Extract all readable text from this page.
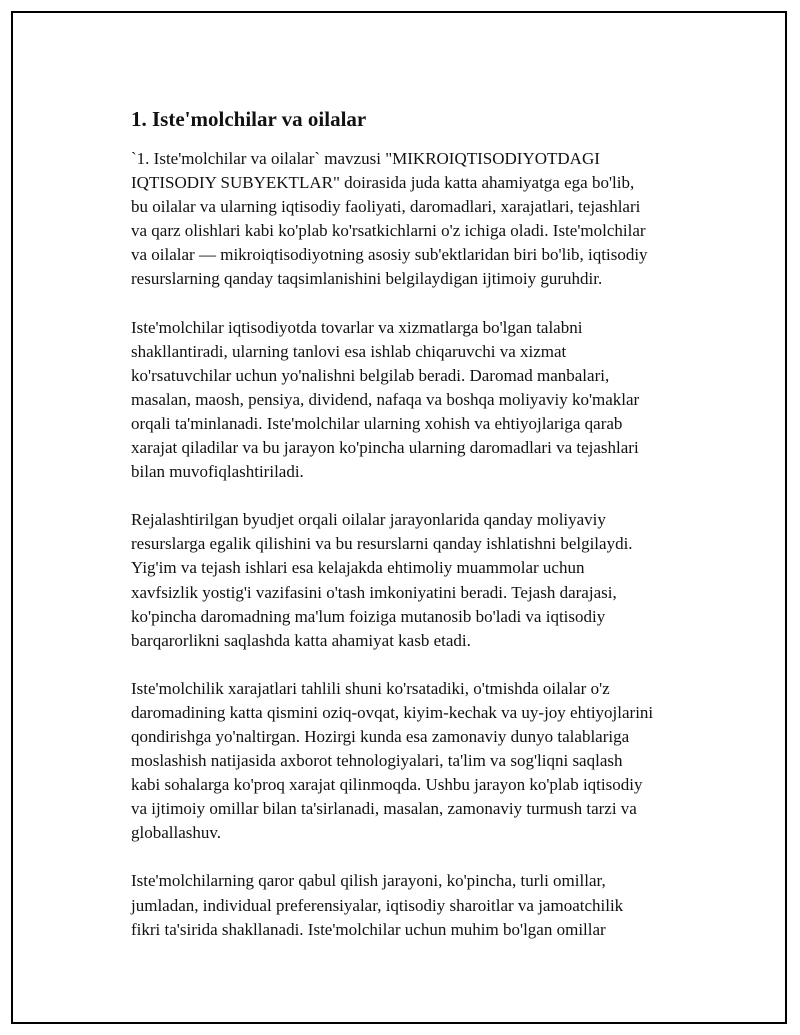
1. Iste'molchilar va oilalar

`1. Iste'molchilar va oilalar` mavzusi "MIKROIQTISODIYOTDAGI
IQTISODIY SUBYEKTLAR" doirasida juda katta ahamiyatga ega bo'lib,
bu oilalar va ularning iqtisodiy faoliyati, daromadlari, xarajatlari, tejashlari
va qarz olishlari kabi ko'plab ko'rsatkichlarni o'z ichiga oladi. Iste'molchilar
va oilalar — mikroiqtisodiyotning asosiy sub'ektlaridan biri bo'lib, iqtisodiy
resurslarning qanday taqsimlanishini belgilaydigan ijtimoiy guruhdir.

Iste'molchilar iqtisodiyotda tovarlar va xizmatlarga bo'lgan talabni
shakllantiradi, ularning tanlovi esa ishlab chiqaruvchi va xizmat
ko'rsatuvchilar uchun yo'nalishni belgilab beradi. Daromad manbalari,
masalan, maosh, pensiya, dividend, nafaqa va boshqa moliyaviy ko'maklar
orqali ta'minlanadi. Iste'molchilar ularning xohish va ehtiyojlariga qarab
xarajat qiladilar va bu jarayon ko'pincha ularning daromadlari va tejashlari
bilan muvofiqlashtiriladi.

Rejalashtirilgan byudjet orqali oilalar jarayonlarida qanday moliyaviy
resurslarga egalik qilishini va bu resurslarni qanday ishlatishni belgilaydi.
Yig'im va tejash ishlari esa kelajakda ehtimoliy muammolar uchun
xavfsizlik yostig'i vazifasini o'tash imkoniyatini beradi. Tejash darajasi,
ko'pincha daromadning ma'lum foiziga mutanosib bo'ladi va iqtisodiy
barqarorlikni saqlashda katta ahamiyat kasb etadi.

Iste'molchilik xarajatlari tahlili shuni ko'rsatadiki, o'tmishda oilalar o'z
daromadining katta qismini oziq-ovqat, kiyim-kechak va uy-joy ehtiyojlarini
qondirishga yo'naltirgan. Hozirgi kunda esa zamonaviy dunyo talablariga
moslashish natijasida axborot tehnologiyalari, ta'lim va sog'liqni saqlash
kabi sohalarga ko'proq xarajat qilinmoqda. Ushbu jarayon ko'plab iqtisodiy
va ijtimoiy omillar bilan ta'sirlanadi, masalan, zamonaviy turmush tarzi va
globallashuv.

Iste'molchilarning qaror qabul qilish jarayoni, ko'pincha, turli omillar,
jumladan, individual preferensiyalar, iqtisodiy sharoitlar va jamoatchilik
fikri ta'sirida shakllanadi. Iste'molchilar uchun muhim bo'lgan omillar
